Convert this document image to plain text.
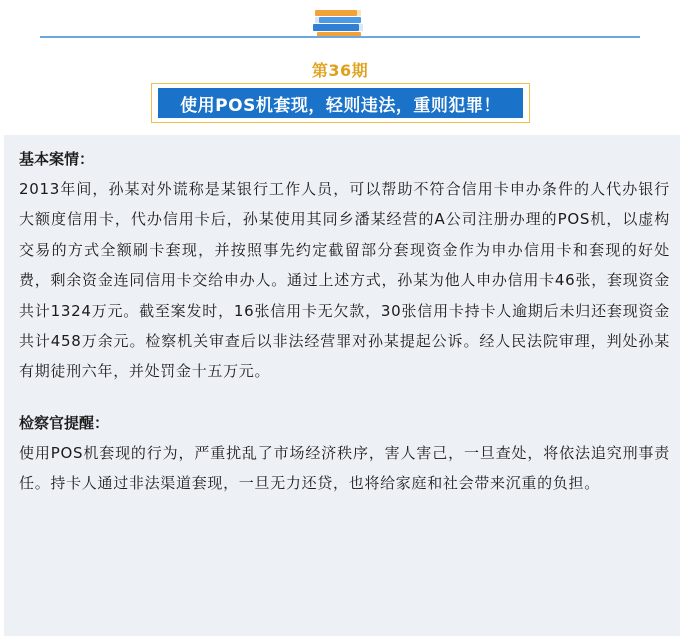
第36期
使用POS机套现，轻则违法，重则犯罪！
基本案情：

2013年间，孙某对外谎称是某银行工作人员，可以帮助不符合信用卡申办条件的人代办银行大额度信用卡，代办信用卡后，孙某使用其同乡潘某经营的A公司注册办理的POS机，以虚构交易的方式全额刷卡套现，并按照事先约定截留部分套现资金作为申办信用卡和套现的好处费，剩余资金连同信用卡交给申办人。通过上述方式，孙某为他人申办信用卡46张，套现资金共计1324万元。截至案发时，16张信用卡无欠款，30张信用卡持卡人逾期后未归还套现资金共计458万余元。检察机关审查后以非法经营罪对孙某提起公诉。经人民法院审理，判处孙某有期徒刑六年，并处罚金十五万元。

检察官提醒：

使用POS机套现的行为，严重扰乱了市场经济秩序，害人害己，一旦查处，将依法追究刑事责任。持卡人通过非法渠道套现，一旦无力还贷，也将给家庭和社会带来沉重的负担。
